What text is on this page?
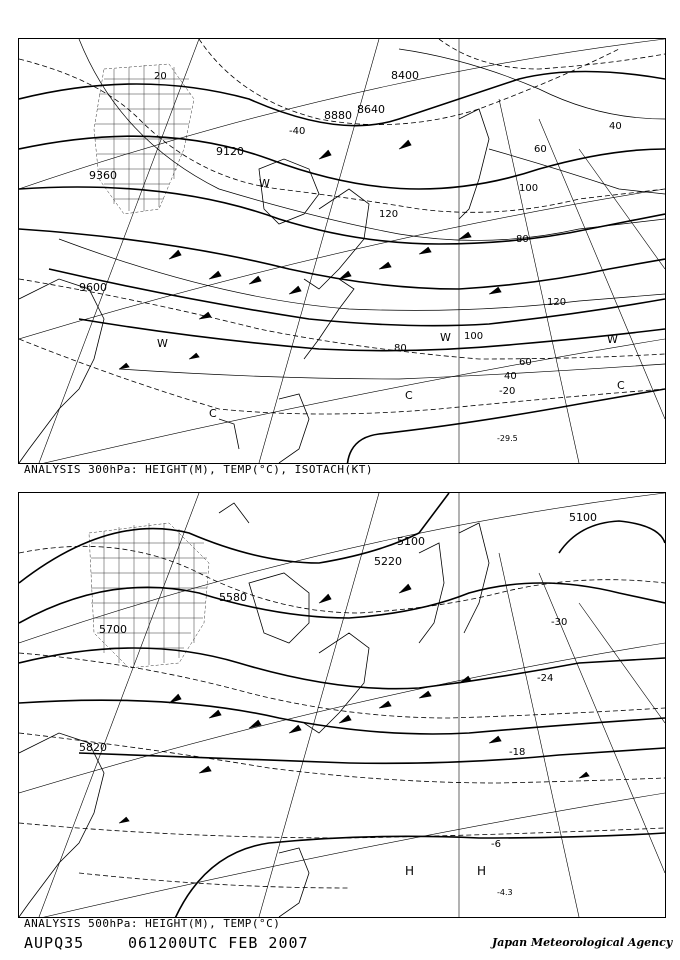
9120
9360
9600
8640
8880
8400
-40
-20
20
40
60
80
100
120
40
60
80
100
120
W
W	W	W
C
C
C
-29.5
ANALYSIS 300hPa: HEIGHT(M), TEMP(°C), ISOTACH(KT)
5700
5820
5580
5100
5100
5220
-30
-24
-18
-6
H	H
-4.3
ANALYSIS 500hPa: HEIGHT(M), TEMP(°C)
AUPQ35	061200UTC FEB 2007	Japan Meteorological Agency
